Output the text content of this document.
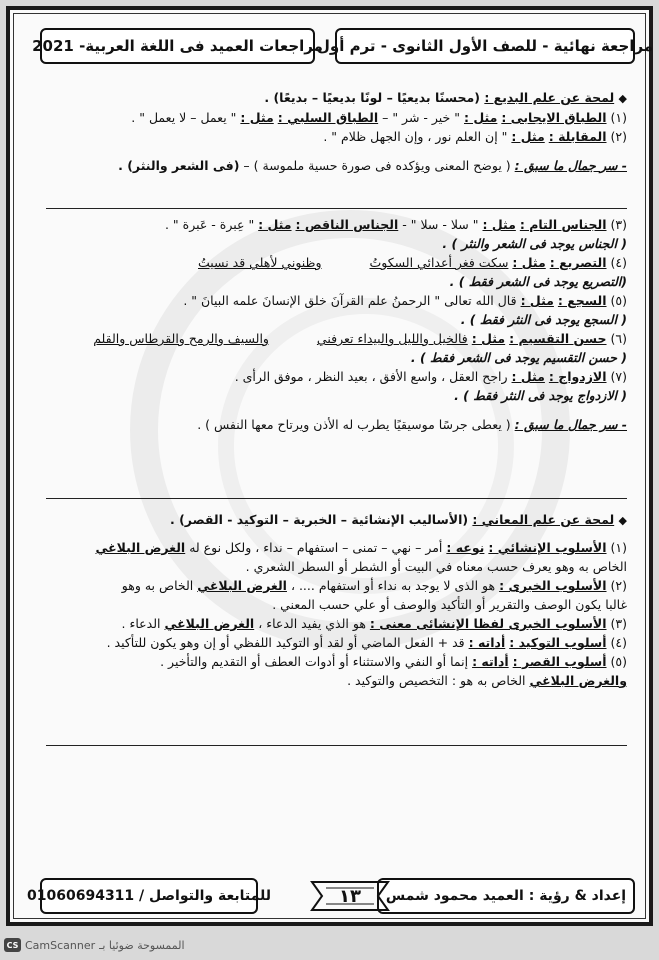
مراجعة نهائية - للصف الأول الثانوى - ترم أول
مراجعات العميد فى اللغة العربية- 2021
◆ لمحة عن علم البديع : (محسنًا بديعيًا – لونًا بديعيًا – بديعًا) .
(١) الطباق الايجابى : مثل : " خير - شر " – الطباق السلبي : مثل : " يعمل – لا يعمل " .
(٢) المقابلة : مثل : " إن العلم نور ، وإن الجهل ظلام " .
- سر جمال ما سبق : ( يوضح المعنى ويؤكده فى صورة حسية ملموسة ) – (فى الشعر والنثر) .
(٣) الجناس التام : مثل : " سلا - سلا " - الجناس الناقص : مثل : " عِبرة - عَبرة " .
( الجناس يوجد فى الشعر والنثر ) .
(٤) التصريع : مثل : سكت فغر أعدائي السكوتُ  وظنوني لأهلي قد نسيتُ
(التصريع يوجد فى الشعر فقط ) .
(٥) السجع : مثل : قال الله تعالى " الرحمنُ علم القرآنَ خلق الإنسانَ علمه البيانَ " .
( السجع يوجد فى النثر فقط ) .
(٦) حسن التقسيم : مثل : فالخيل والليل والبيداء تعرفني  والسيف والرمح والقرطاس والقلم
( حسن التقسيم يوجد فى الشعر فقط ) .
(٧) الازدواج : مثل : راجح العقل ، واسع الأفق ، بعيد النظر ، موفق الرأى .
( الازدواج يوجد فى النثر فقط ) .
- سر جمال ما سبق : ( يعطى جرسًا موسيقيًا يطرب له الأذن ويرتاح معها النفس ) .
◆ لمحة عن علم المعاني : (الأساليب الإنشائية – الخبرية – التوكيد - القصر) .
(١) الأسلوب الإنشائي : نوعه : أمر – نهي – تمنى – استفهام – نداء ، ولكل نوع له الغرض البلاغي
الخاص به وهو يعرف حسب معناه في البيت أو الشطر أو السطر الشعري .
(٢) الأسلوب الخبرى : هو الذى لا يوجد به نداء أو استفهام .... ، الغرض البلاغي الخاص به وهو
غالبا يكون الوصف والتقرير أو التأكيد والوصف أو علي حسب المعني .
(٣) الأسلوب الخبرى لفظا الإنشائى معنى : هو الذي يفيد الدعاء ، الغرض البلاغي الدعاء .
(٤) أسلوب التوكيد : أداته : قد + الفعل الماضي أو لقد أو التوكيد اللفظي أو إن وهو يكون للتأكيد .
(٥) أسلوب القصر : أداته : إنما أو النفي والاستثناء أو أدوات العطف أو التقديم والتأخير .
والغرض البلاغي الخاص به هو : التخصيص والتوكيد .
إعداد & رؤية : العميد محمود شمس
١٣
للمتابعة والتواصل / 01060694311
CS CamScanner الممسوحة ضوئيا بـ
